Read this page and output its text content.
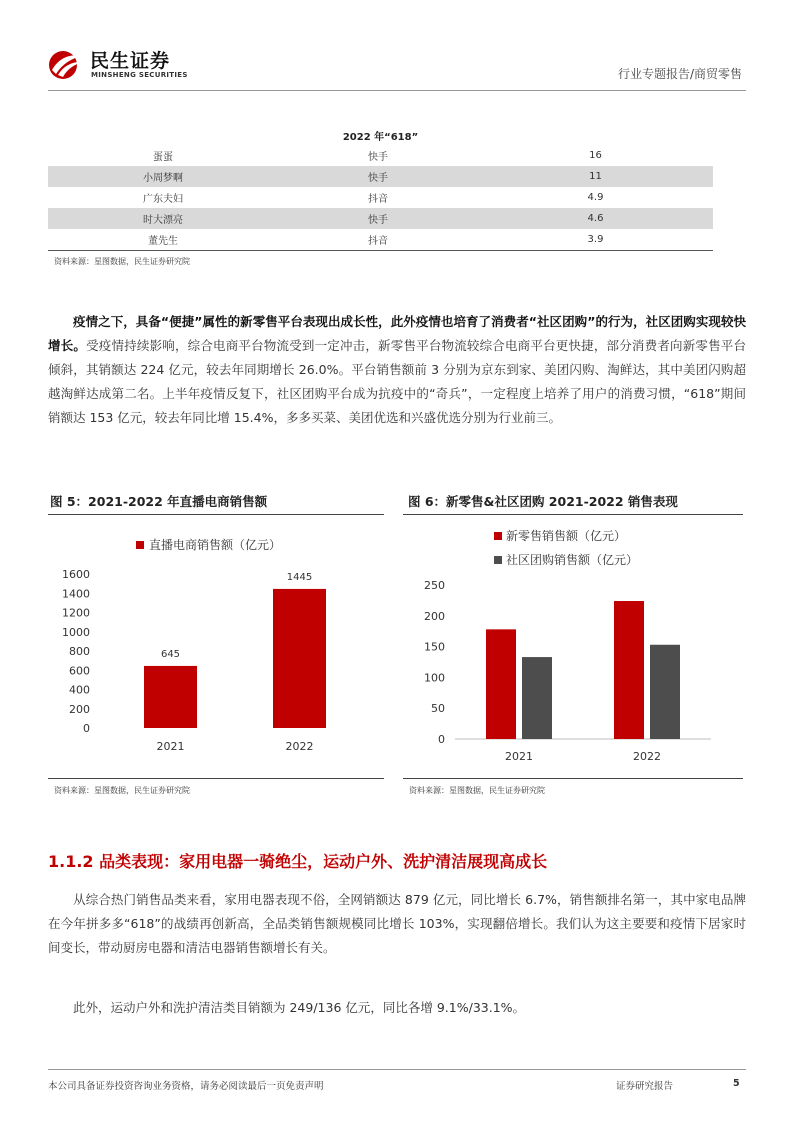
民生证券
MINSHENG SECURITIES	行业专题报告/商贸零售
2022 年“618”
蛋蛋	快手	16
小周梦啊	快手	11
广东夫妇	抖音	4.9
时大漂亮	快手	4.6
董先生	抖音	3.9
资料来源：星图数据，民生证券研究院
  疫情之下，具备“便捷”属性的新零售平台表现出成长性，此外疫情也培育了消费者“社区团购”的行为，社区团购实现较快增长。受疫情持续影响，综合电商平台物流受到一定冲击，新零售平台物流较综合电商平台更快捷，部分消费者向新零售平台倾斜，其销额达 224 亿元，较去年同期增长 26.0%。平台销售额前 3 分别为京东到家、美团闪购、淘鲜达，其中美团闪购超越淘鲜达成第二名。上半年疫情反复下，社区团购平台成为抗疫中的“奇兵”，一定程度上培养了用户的消费习惯，“618”期间销额达 153 亿元，较去年同比增 15.4%，多多买菜、美团优选和兴盛优选分别为行业前三。
图 5：2021-2022 年直播电商销售额
直播电商销售额（亿元）
0
200
400
600
800
1000
1200
1400
1600
645
1445
2021	2022
资料来源：星图数据，民生证券研究院
图 6：新零售&社区团购 2021-2022 销售表现
新零售销售额（亿元）
社区团购销售额（亿元）
0
50
100
150
200
250
2021	2022
资料来源：星图数据，民生证券研究院
1.1.2 品类表现：家用电器一骑绝尘，运动户外、洗护清洁展现高成长
  从综合热门销售品类来看，家用电器表现不俗，全网销额达 879 亿元，同比增长 6.7%，销售额排名第一，其中家电品牌在今年拼多多“618”的战绩再创新高，全品类销售额规模同比增长 103%，实现翻倍增长。我们认为这主要要和疫情下居家时间变长，带动厨房电器和清洁电器销售额增长有关。
  此外，运动户外和洗护清洁类目销额为 249/136 亿元，同比各增 9.1%/33.1%。
本公司具备证券投资咨询业务资格，请务必阅读最后一页免责声明	证券研究报告	5
